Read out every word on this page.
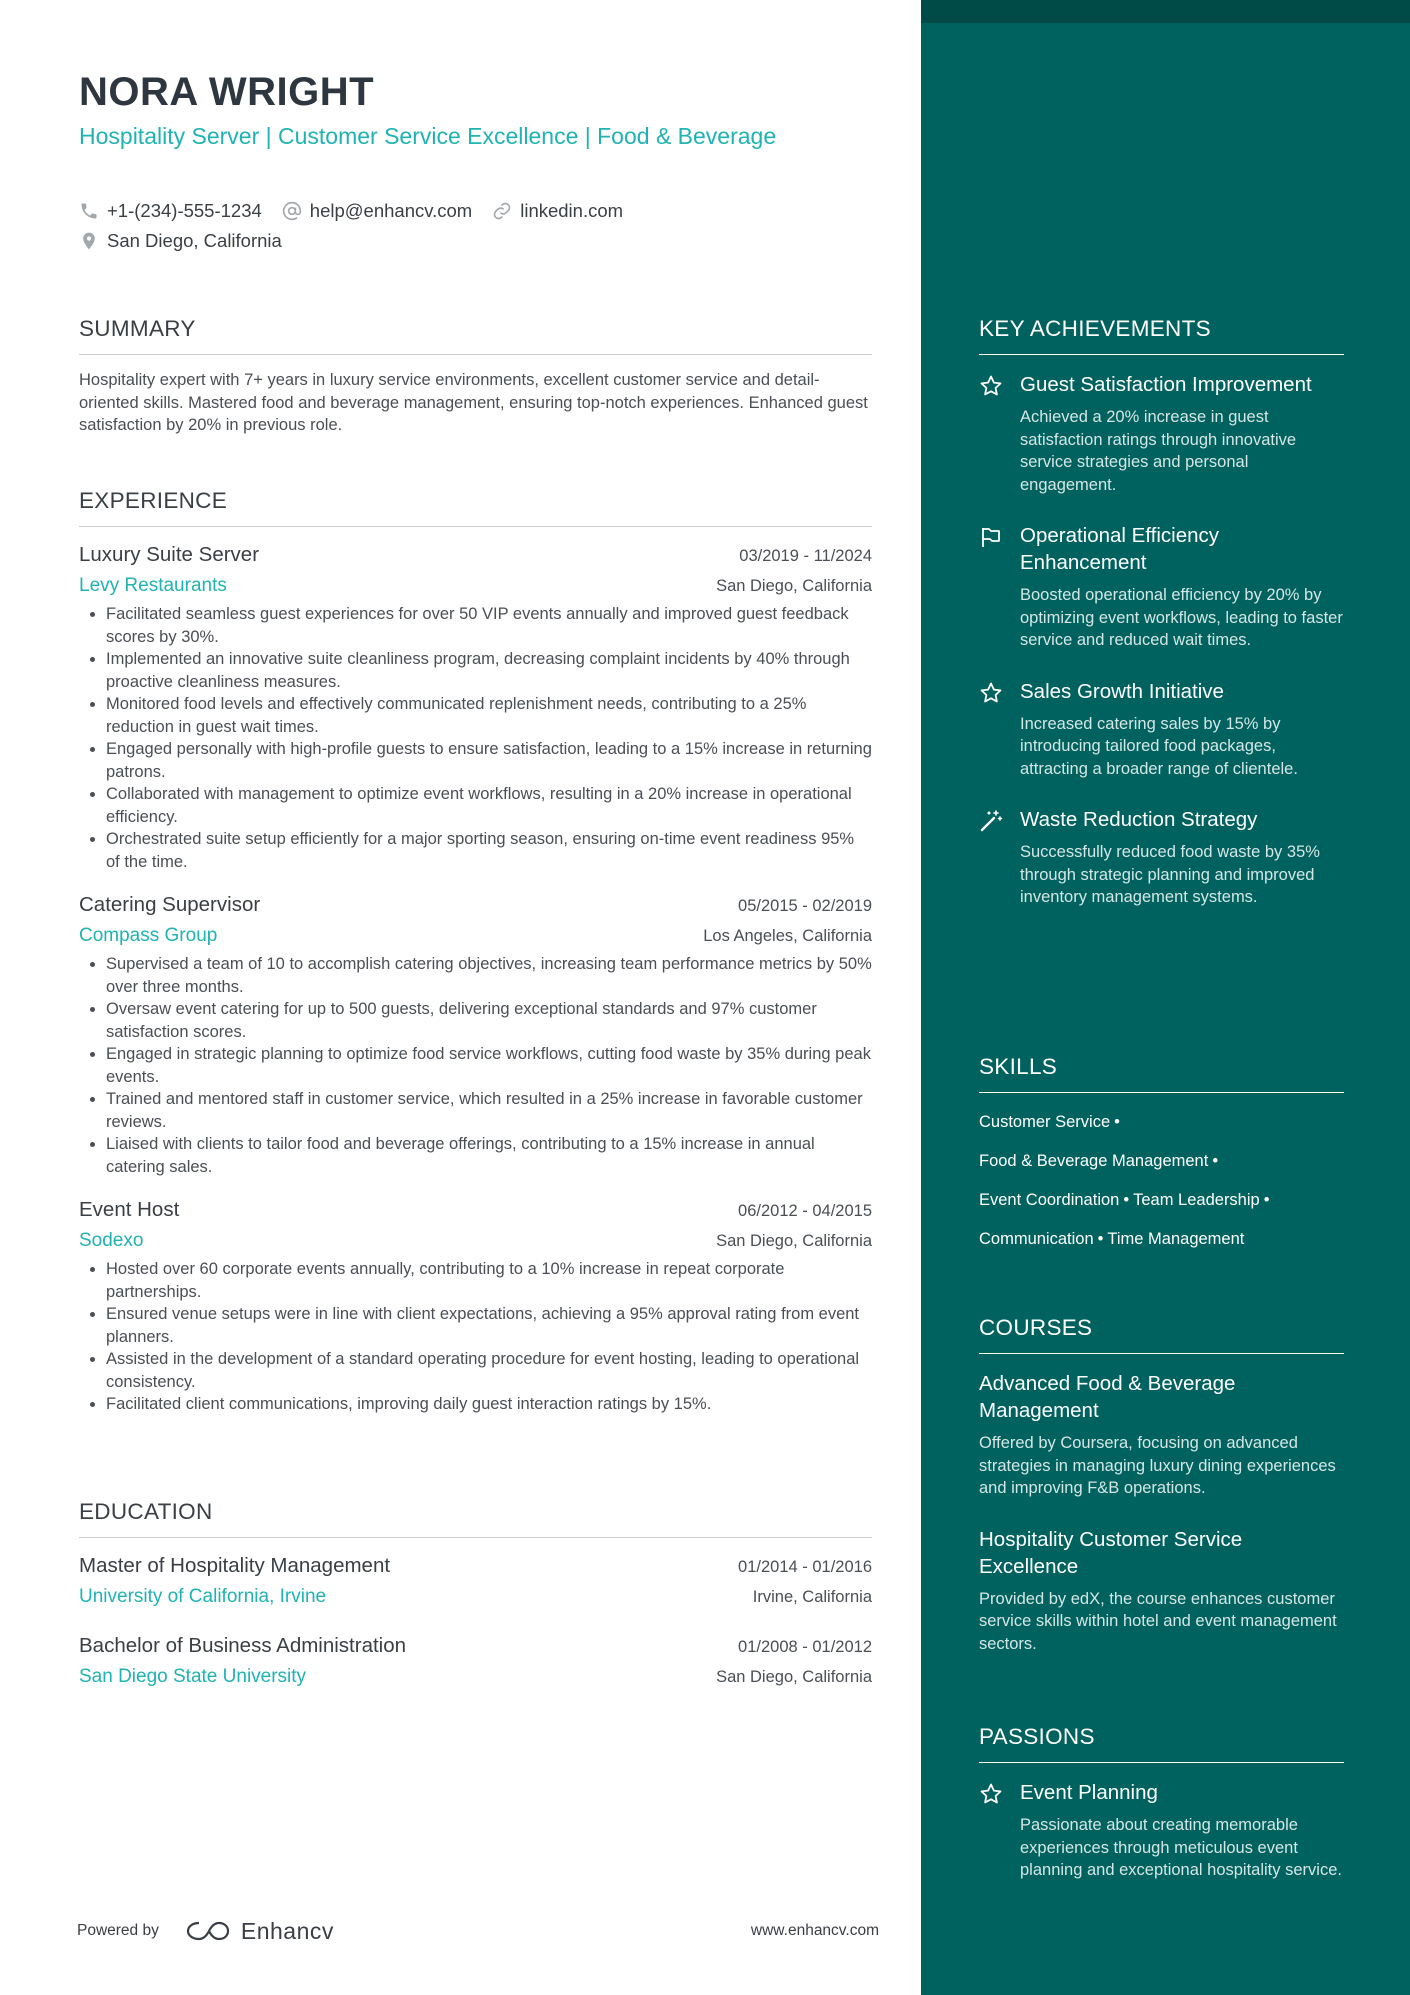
NORA WRIGHT
Hospitality Server | Customer Service Excellence | Food & Beverage
+1-(234)-555-1234	help@enhancv.com	linkedin.com
San Diego, California
SUMMARY
Hospitality expert with 7+ years in luxury service environments, excellent customer service and detail-oriented skills. Mastered food and beverage management, ensuring top-notch experiences. Enhanced guest satisfaction by 20% in previous role.
EXPERIENCE
Luxury Suite Server	03/2019 - 11/2024
Levy Restaurants	San Diego, California
• Facilitated seamless guest experiences for over 50 VIP events annually and improved guest feedback scores by 30%.
• Implemented an innovative suite cleanliness program, decreasing complaint incidents by 40% through proactive cleanliness measures.
• Monitored food levels and effectively communicated replenishment needs, contributing to a 25% reduction in guest wait times.
• Engaged personally with high-profile guests to ensure satisfaction, leading to a 15% increase in returning patrons.
• Collaborated with management to optimize event workflows, resulting in a 20% increase in operational efficiency.
• Orchestrated suite setup efficiently for a major sporting season, ensuring on-time event readiness 95% of the time.
Catering Supervisor	05/2015 - 02/2019
Compass Group	Los Angeles, California
• Supervised a team of 10 to accomplish catering objectives, increasing team performance metrics by 50% over three months.
• Oversaw event catering for up to 500 guests, delivering exceptional standards and 97% customer satisfaction scores.
• Engaged in strategic planning to optimize food service workflows, cutting food waste by 35% during peak events.
• Trained and mentored staff in customer service, which resulted in a 25% increase in favorable customer reviews.
• Liaised with clients to tailor food and beverage offerings, contributing to a 15% increase in annual catering sales.
Event Host	06/2012 - 04/2015
Sodexo	San Diego, California
• Hosted over 60 corporate events annually, contributing to a 10% increase in repeat corporate partnerships.
• Ensured venue setups were in line with client expectations, achieving a 95% approval rating from event planners.
• Assisted in the development of a standard operating procedure for event hosting, leading to operational consistency.
• Facilitated client communications, improving daily guest interaction ratings by 15%.
EDUCATION
Master of Hospitality Management	01/2014 - 01/2016
University of California, Irvine	Irvine, California
Bachelor of Business Administration	01/2008 - 01/2012
San Diego State University	San Diego, California
Powered by	Enhancv	www.enhancv.com
KEY ACHIEVEMENTS
Guest Satisfaction Improvement
Achieved a 20% increase in guest satisfaction ratings through innovative service strategies and personal engagement.
Operational Efficiency Enhancement
Boosted operational efficiency by 20% by optimizing event workflows, leading to faster service and reduced wait times.
Sales Growth Initiative
Increased catering sales by 15% by introducing tailored food packages, attracting a broader range of clientele.
Waste Reduction Strategy
Successfully reduced food waste by 35% through strategic planning and improved inventory management systems.
SKILLS
Customer Service •
Food & Beverage Management •
Event Coordination • Team Leadership •
Communication • Time Management
COURSES
Advanced Food & Beverage Management
Offered by Coursera, focusing on advanced strategies in managing luxury dining experiences and improving F&B operations.
Hospitality Customer Service Excellence
Provided by edX, the course enhances customer service skills within hotel and event management sectors.
PASSIONS
Event Planning
Passionate about creating memorable experiences through meticulous event planning and exceptional hospitality service.
